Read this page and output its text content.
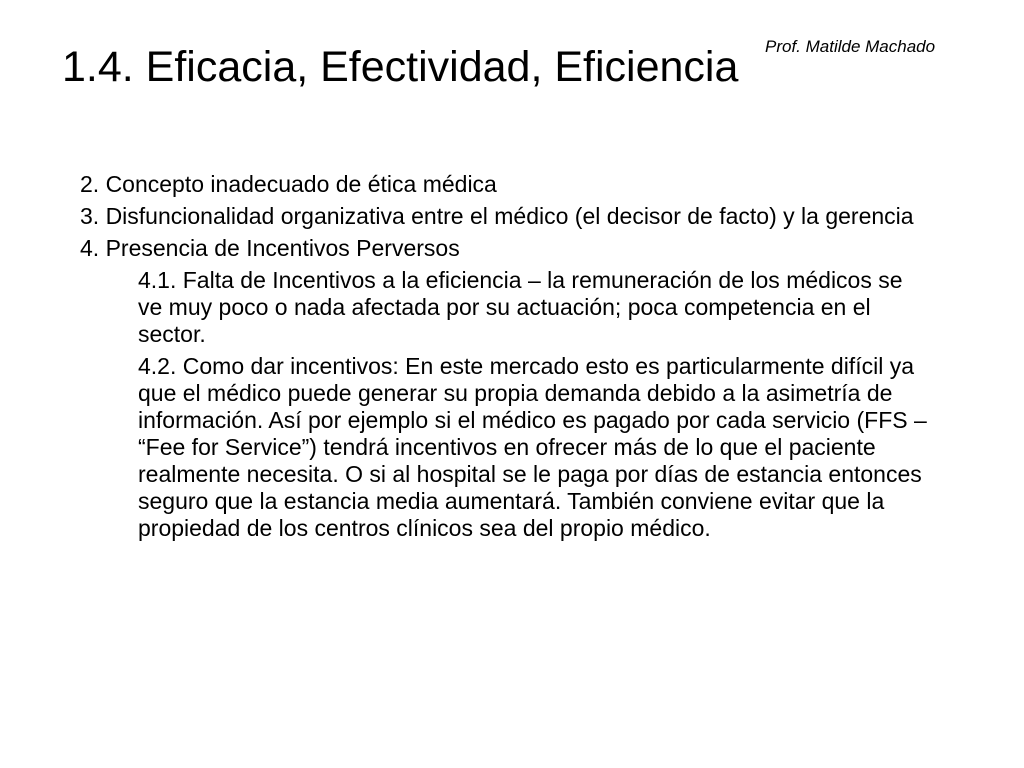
1.4. Eficacia, Efectividad, Eficiencia Prof. Matilde Machado

2. Concepto inadecuado de ética médica

3. Disfuncionalidad organizativa entre el médico (el decisor de facto) y la gerencia

4. Presencia de Incentivos Perversos

4.1. Falta de Incentivos a la eficiencia – la remuneración de los médicos se ve muy poco o nada afectada por su actuación; poca competencia en el sector.

4.2. Como dar incentivos: En este mercado esto es particularmente difícil ya que el médico puede generar su propia demanda debido a la asimetría de información. Así por ejemplo si el médico es pagado por cada servicio (FFS – “Fee for Service”) tendrá incentivos en ofrecer más de lo que el paciente realmente necesita. O si al hospital se le paga por días de estancia entonces seguro que la estancia media aumentará. También conviene evitar que la propiedad de los centros clínicos sea del propio médico.
